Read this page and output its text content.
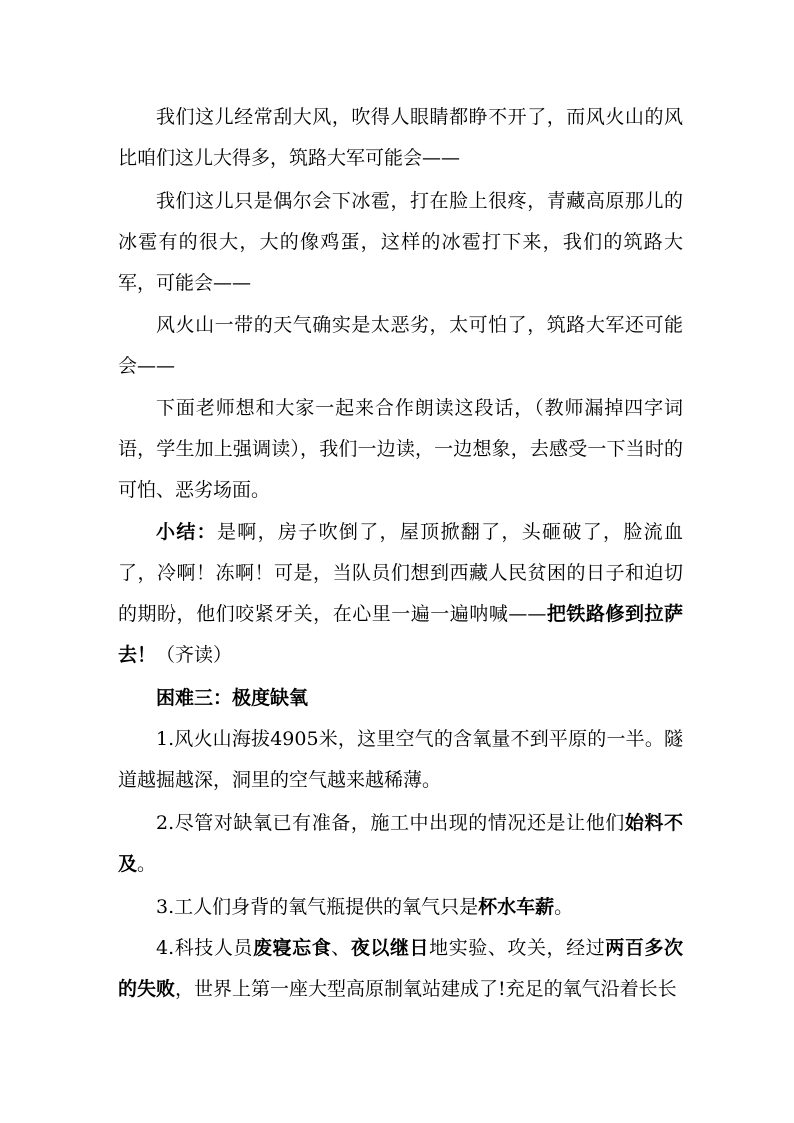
我们这儿经常刮大风，吹得人眼睛都睁不开了，而风火山的风比咱们这儿大得多，筑路大军可能会——

我们这儿只是偶尔会下冰雹，打在脸上很疼，青藏高原那儿的冰雹有的很大，大的像鸡蛋，这样的冰雹打下来，我们的筑路大军，可能会——

风火山一带的天气确实是太恶劣，太可怕了，筑路大军还可能会——

下面老师想和大家一起来合作朗读这段话，（教师漏掉四字词语，学生加上强调读），我们一边读，一边想象，去感受一下当时的可怕、恶劣场面。

小结：是啊，房子吹倒了，屋顶掀翻了，头砸破了，脸流血了，冷啊！冻啊！可是，当队员们想到西藏人民贫困的日子和迫切的期盼，他们咬紧牙关，在心里一遍一遍呐喊——把铁路修到拉萨去！（齐读）

困难三：极度缺氧

1.风火山海拔4905米，这里空气的含氧量不到平原的一半。隧道越掘越深，洞里的空气越来越稀薄。

2.尽管对缺氧已有准备，施工中出现的情况还是让他们始料不及。

3.工人们身背的氧气瓶提供的氧气只是杯水车薪。

4.科技人员废寝忘食、夜以继日地实验、攻关，经过两百多次的失败，世界上第一座大型高原制氧站建成了!充足的氧气沿着长长
